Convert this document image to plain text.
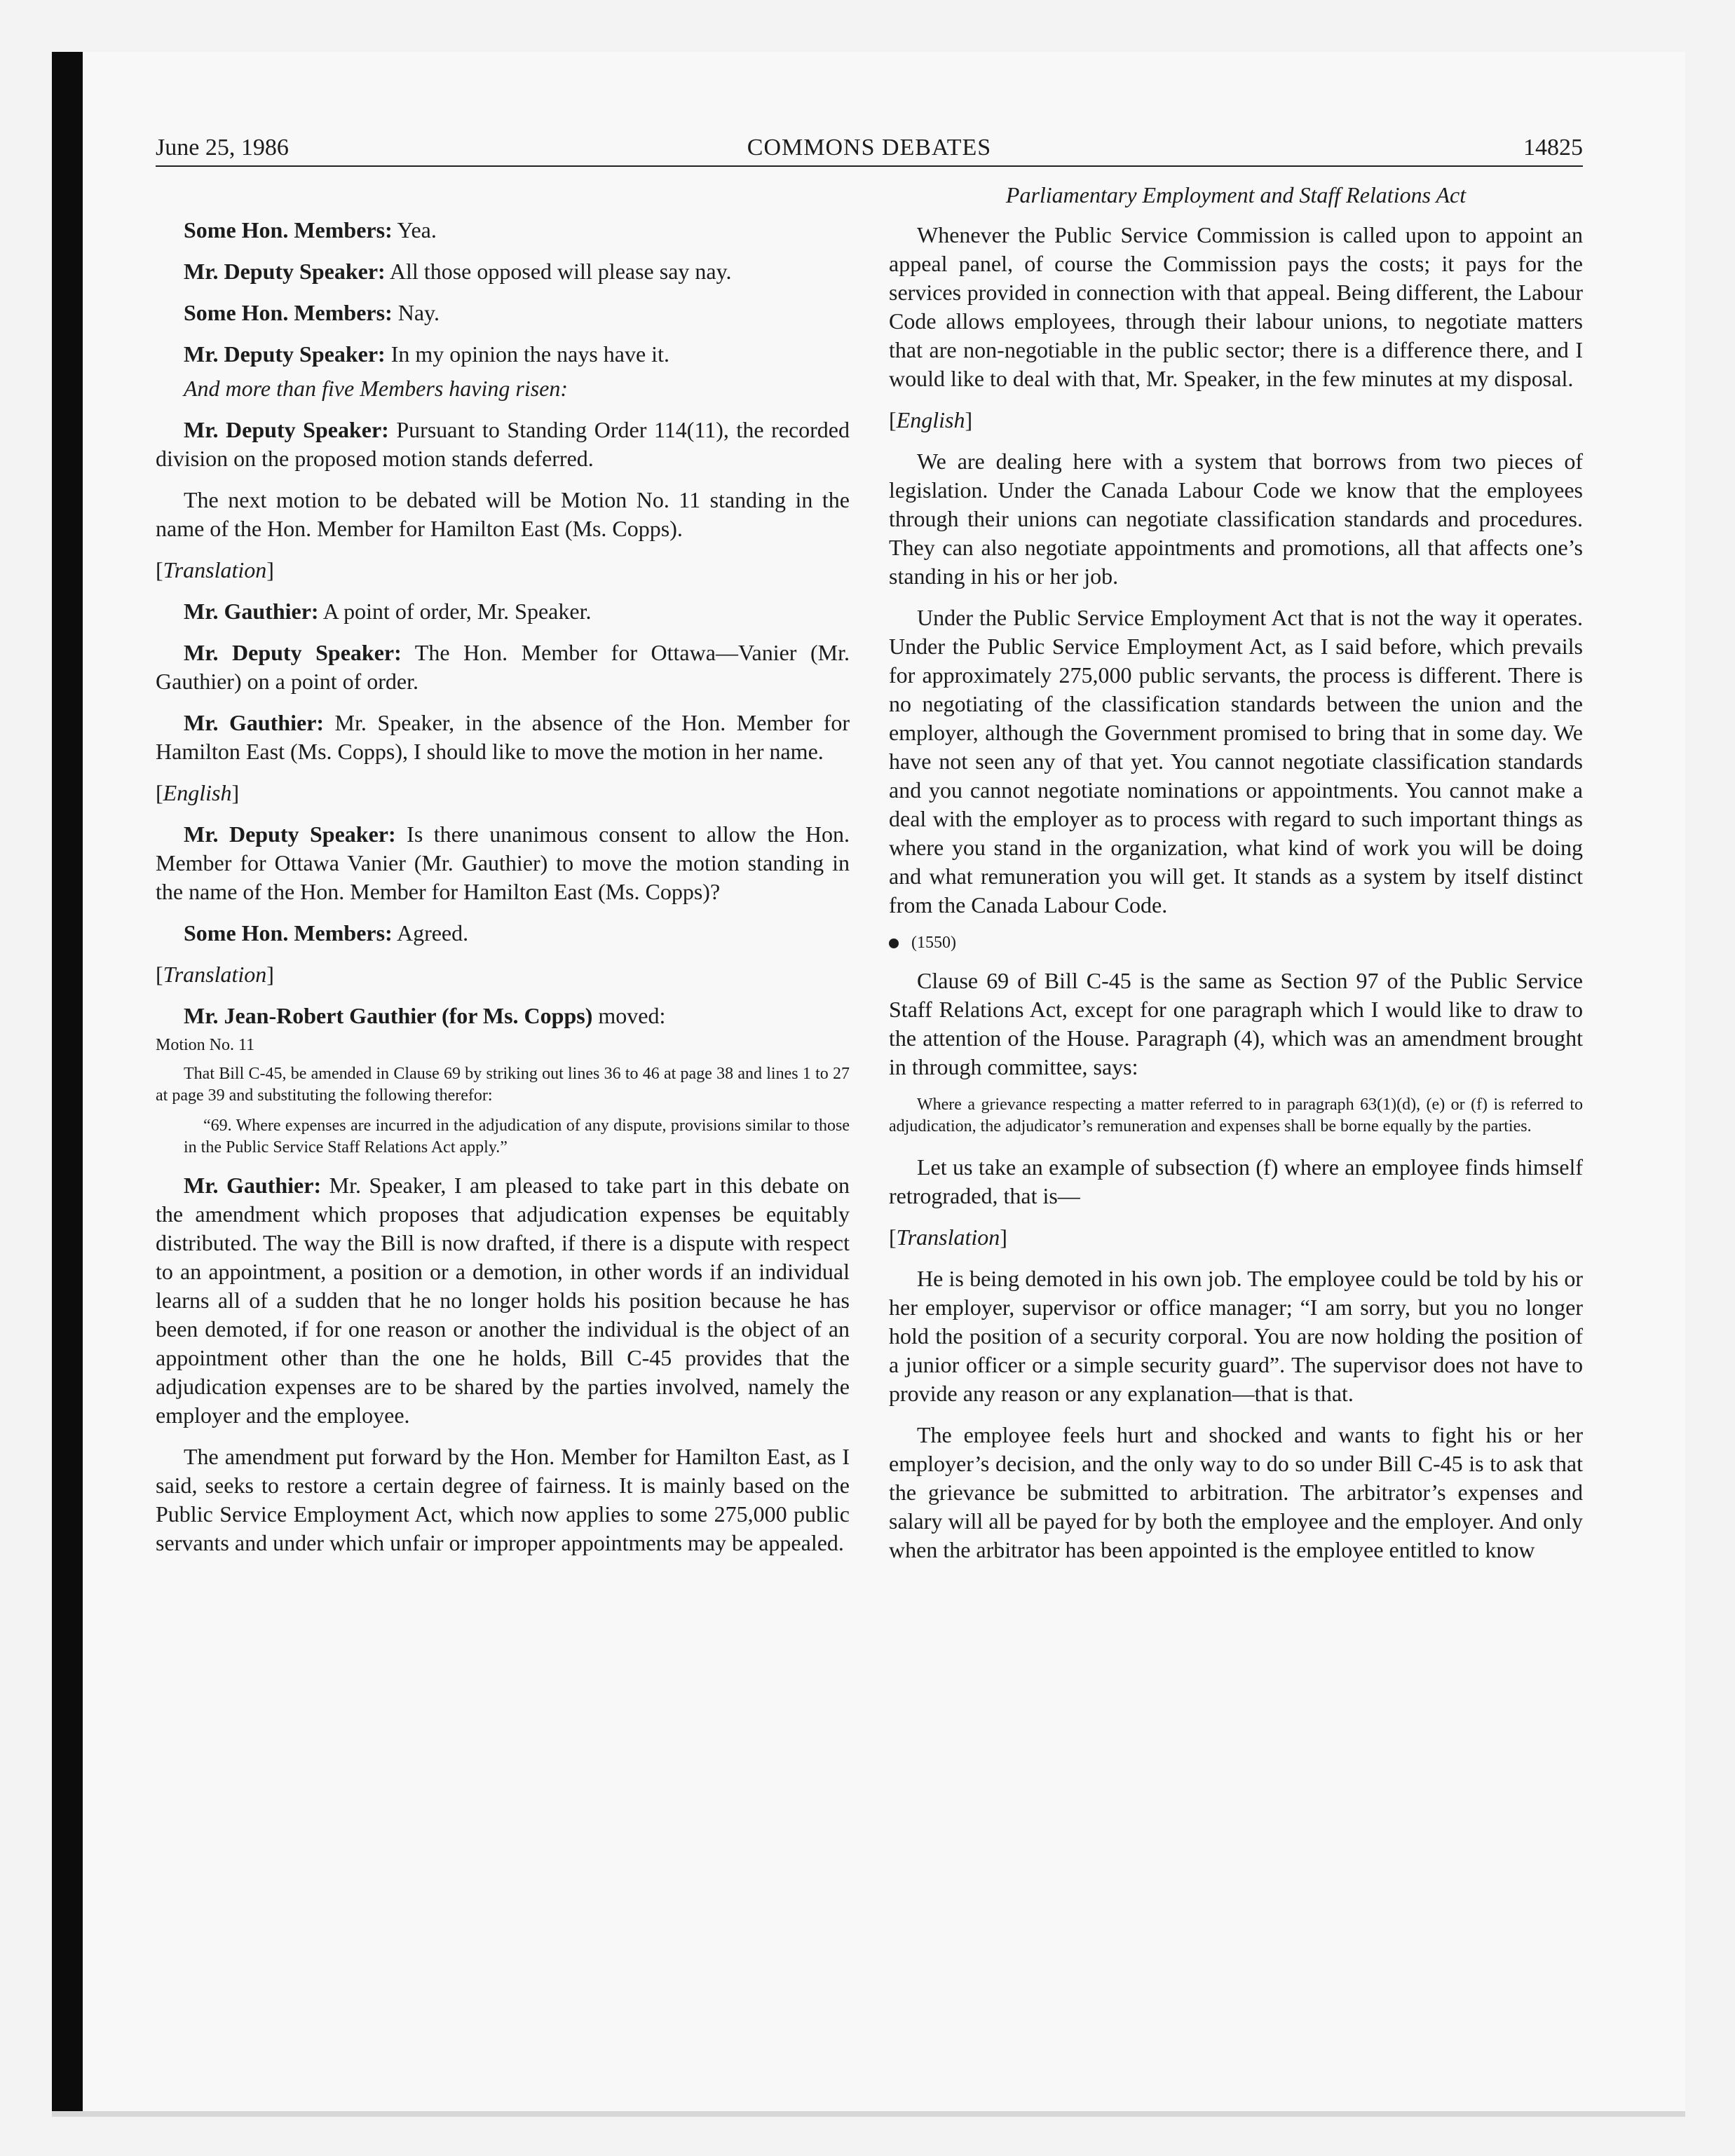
June 25, 1986	COMMONS DEBATES	14825

Some Hon. Members: Yea.

Mr. Deputy Speaker: All those opposed will please say nay.

Some Hon. Members: Nay.

Mr. Deputy Speaker: In my opinion the nays have it.

And more than five Members having risen:

Mr. Deputy Speaker: Pursuant to Standing Order 114(11), the recorded division on the proposed motion stands deferred.

The next motion to be debated will be Motion No. 11 standing in the name of the Hon. Member for Hamilton East (Ms. Copps).

[Translation]

Mr. Gauthier: A point of order, Mr. Speaker.

Mr. Deputy Speaker: The Hon. Member for Ottawa—Vanier (Mr. Gauthier) on a point of order.

Mr. Gauthier: Mr. Speaker, in the absence of the Hon. Member for Hamilton East (Ms. Copps), I should like to move the motion in her name.

[English]

Mr. Deputy Speaker: Is there unanimous consent to allow the Hon. Member for Ottawa Vanier (Mr. Gauthier) to move the motion standing in the name of the Hon. Member for Hamilton East (Ms. Copps)?

Some Hon. Members: Agreed.

[Translation]

Mr. Jean-Robert Gauthier (for Ms. Copps) moved:

Motion No. 11

That Bill C-45, be amended in Clause 69 by striking out lines 36 to 46 at page 38 and lines 1 to 27 at page 39 and substituting the following therefor:

“69. Where expenses are incurred in the adjudication of any dispute, provisions similar to those in the Public Service Staff Relations Act apply.”

Mr. Gauthier: Mr. Speaker, I am pleased to take part in this debate on the amendment which proposes that adjudication expenses be equitably distributed. The way the Bill is now drafted, if there is a dispute with respect to an appointment, a position or a demotion, in other words if an individual learns all of a sudden that he no longer holds his position because he has been demoted, if for one reason or another the individual is the object of an appointment other than the one he holds, Bill C-45 provides that the adjudication expenses are to be shared by the parties involved, namely the employer and the employee.

The amendment put forward by the Hon. Member for Hamilton East, as I said, seeks to restore a certain degree of fairness. It is mainly based on the Public Service Employment Act, which now applies to some 275,000 public servants and under which unfair or improper appointments may be appealed.

Parliamentary Employment and Staff Relations Act

Whenever the Public Service Commission is called upon to appoint an appeal panel, of course the Commission pays the costs; it pays for the services provided in connection with that appeal. Being different, the Labour Code allows employees, through their labour unions, to negotiate matters that are non-negotiable in the public sector; there is a difference there, and I would like to deal with that, Mr. Speaker, in the few minutes at my disposal.

[English]

We are dealing here with a system that borrows from two pieces of legislation. Under the Canada Labour Code we know that the employees through their unions can negotiate classification standards and procedures. They can also negotiate appointments and promotions, all that affects one’s standing in his or her job.

Under the Public Service Employment Act that is not the way it operates. Under the Public Service Employment Act, as I said before, which prevails for approximately 275,000 public servants, the process is different. There is no negotiating of the classification standards between the union and the employer, although the Government promised to bring that in some day. We have not seen any of that yet. You cannot negotiate classification standards and you cannot negotiate nominations or appointments. You cannot make a deal with the employer as to process with regard to such important things as where you stand in the organization, what kind of work you will be doing and what remuneration you will get. It stands as a system by itself distinct from the Canada Labour Code.

(1550)

Clause 69 of Bill C-45 is the same as Section 97 of the Public Service Staff Relations Act, except for one paragraph which I would like to draw to the attention of the House. Paragraph (4), which was an amendment brought in through committee, says:

Where a grievance respecting a matter referred to in paragraph 63(1)(d), (e) or (f) is referred to adjudication, the adjudicator’s remuneration and expenses shall be borne equally by the parties.

Let us take an example of subsection (f) where an employee finds himself retrograded, that is—

[Translation]

He is being demoted in his own job. The employee could be told by his or her employer, supervisor or office manager; “I am sorry, but you no longer hold the position of a security corporal. You are now holding the position of a junior officer or a simple security guard”. The supervisor does not have to provide any reason or any explanation—that is that.

The employee feels hurt and shocked and wants to fight his or her employer’s decision, and the only way to do so under Bill C-45 is to ask that the grievance be submitted to arbitration. The arbitrator’s expenses and salary will all be payed for by both the employee and the employer. And only when the arbitrator has been appointed is the employee entitled to know
